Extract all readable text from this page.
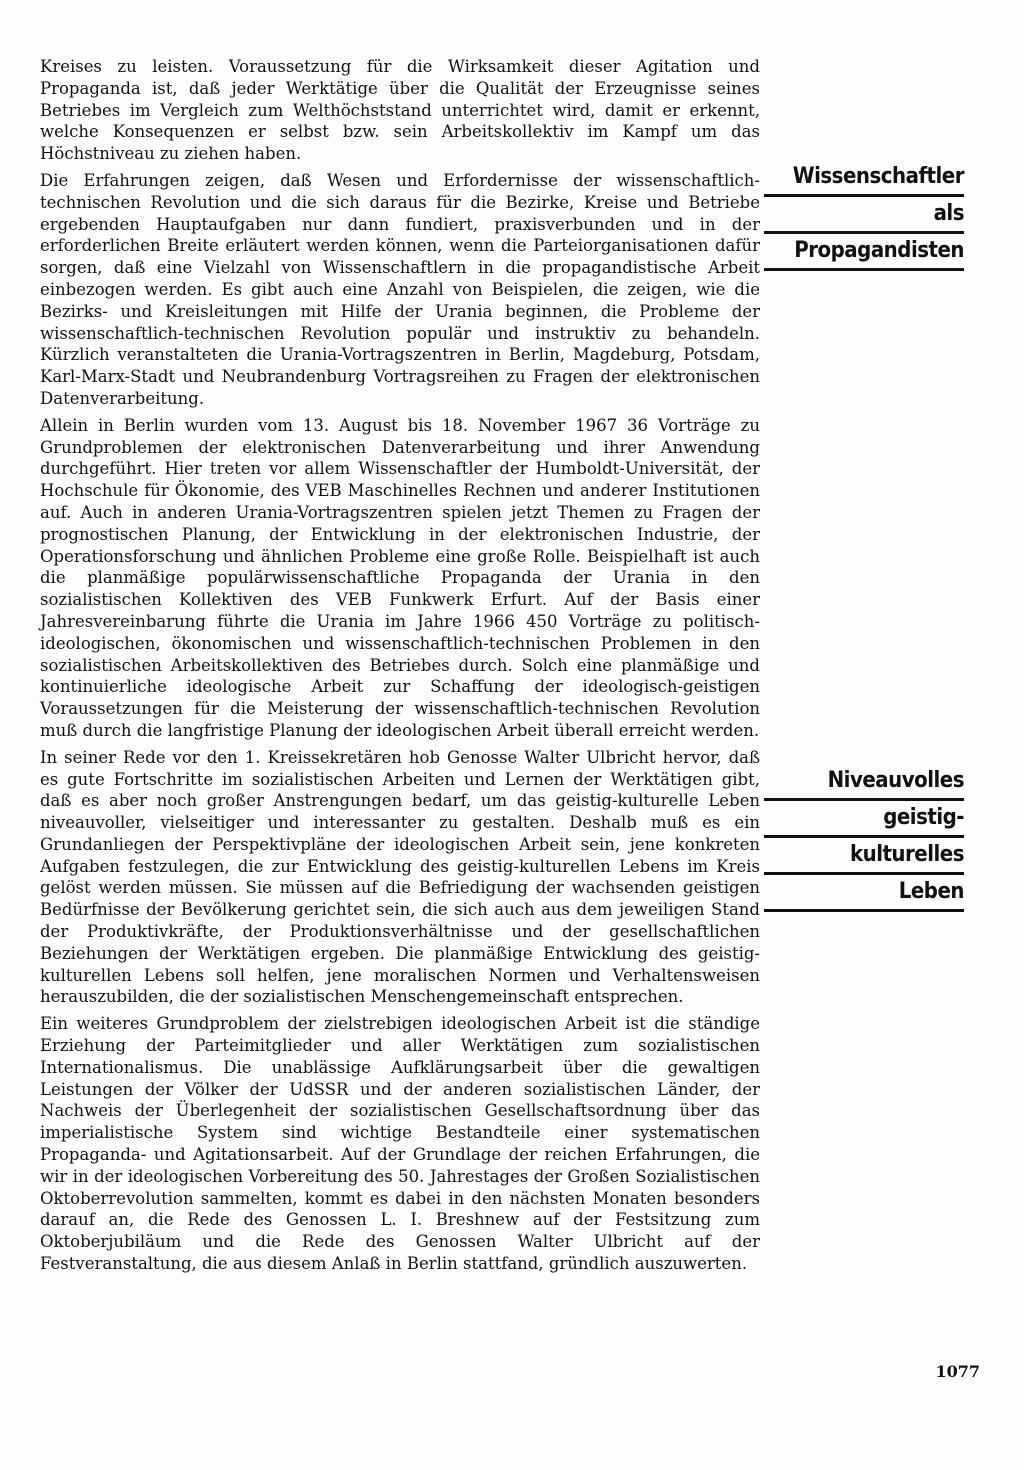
Kreises zu leisten. Voraussetzung für die Wirksamkeit dieser Agitation und Propaganda ist, daß jeder Werktätige über die Qualität der Erzeugnisse seines Betriebes im Vergleich zum Welthöchststand unterrichtet wird, damit er erkennt, welche Konsequenzen er selbst bzw. sein Arbeitskollektiv im Kampf um das Höchstniveau zu ziehen haben.

Die Erfahrungen zeigen, daß Wesen und Erfordernisse der wissenschaftlich-technischen Revolution und die sich daraus für die Bezirke, Kreise und Betriebe ergebenden Hauptaufgaben nur dann fundiert, praxisverbunden und in der erforderlichen Breite erläutert werden können, wenn die Parteiorganisationen dafür sorgen, daß eine Vielzahl von Wissenschaftlern in die propagandistische Arbeit einbezogen werden. Es gibt auch eine Anzahl von Beispielen, die zeigen, wie die Bezirks- und Kreisleitungen mit Hilfe der Urania beginnen, die Probleme der wissenschaftlich-technischen Revolution populär und instruktiv zu behandeln. Kürzlich veranstalteten die Urania-Vortragszentren in Berlin, Magdeburg, Potsdam, Karl-Marx-Stadt und Neubrandenburg Vortragsreihen zu Fragen der elektronischen Datenverarbeitung.

Allein in Berlin wurden vom 13. August bis 18. November 1967 36 Vorträge zu Grundproblemen der elektronischen Datenverarbeitung und ihrer Anwendung durchgeführt. Hier treten vor allem Wissenschaftler der Humboldt-Universität, der Hochschule für Ökonomie, des VEB Maschinelles Rechnen und anderer Institutionen auf. Auch in anderen Urania-Vortragszentren spielen jetzt Themen zu Fragen der prognostischen Planung, der Entwicklung in der elektronischen Industrie, der Operationsforschung und ähnlichen Probleme eine große Rolle. Beispielhaft ist auch die planmäßige populärwissenschaftliche Propaganda der Urania in den sozialistischen Kollektiven des VEB Funkwerk Erfurt. Auf der Basis einer Jahresvereinbarung führte die Urania im Jahre 1966 450 Vorträge zu politisch-ideologischen, ökonomischen und wissenschaftlich-technischen Problemen in den sozialistischen Arbeitskollektiven des Betriebes durch. Solch eine planmäßige und kontinuierliche ideologische Arbeit zur Schaffung der ideologisch-geistigen Voraussetzungen für die Meisterung der wissenschaftlich-technischen Revolution muß durch die langfristige Planung der ideologischen Arbeit überall erreicht werden.

In seiner Rede vor den 1. Kreissekretären hob Genosse Walter Ulbricht hervor, daß es gute Fortschritte im sozialistischen Arbeiten und Lernen der Werktätigen gibt, daß es aber noch großer Anstrengungen bedarf, um das geistig-kulturelle Leben niveauvoller, vielseitiger und interessanter zu gestalten. Deshalb muß es ein Grundanliegen der Perspektivpläne der ideologischen Arbeit sein, jene konkreten Aufgaben festzulegen, die zur Entwicklung des geistig-kulturellen Lebens im Kreis gelöst werden müssen. Sie müssen auf die Befriedigung der wachsenden geistigen Bedürfnisse der Bevölkerung gerichtet sein, die sich auch aus dem jeweiligen Stand der Produktivkräfte, der Produktionsverhältnisse und der gesellschaftlichen Beziehungen der Werktätigen ergeben. Die planmäßige Entwicklung des geistig-kulturellen Lebens soll helfen, jene moralischen Normen und Verhaltensweisen herauszubilden, die der sozialistischen Menschengemeinschaft entsprechen.

Ein weiteres Grundproblem der zielstrebigen ideologischen Arbeit ist die ständige Erziehung der Parteimitglieder und aller Werktätigen zum sozialistischen Internationalismus. Die unablässige Aufklärungsarbeit über die gewaltigen Leistungen der Völker der UdSSR und der anderen sozialistischen Länder, der Nachweis der Überlegenheit der sozialistischen Gesellschaftsordnung über das imperialistische System sind wichtige Bestandteile einer systematischen Propaganda- und Agitationsarbeit. Auf der Grundlage der reichen Erfahrungen, die wir in der ideologischen Vorbereitung des 50. Jahrestages der Großen Sozialistischen Oktoberrevolution sammelten, kommt es dabei in den nächsten Monaten besonders darauf an, die Rede des Genossen L. I. Breshnew auf der Festsitzung zum Oktoberjubiläum und die Rede des Genossen Walter Ulbricht auf der Festveranstaltung, die aus diesem Anlaß in Berlin stattfand, gründlich auszuwerten.

Wissenschaftler
als
Propagandisten
Niveauvolles
geistig-
kulturelles
Leben
1077
